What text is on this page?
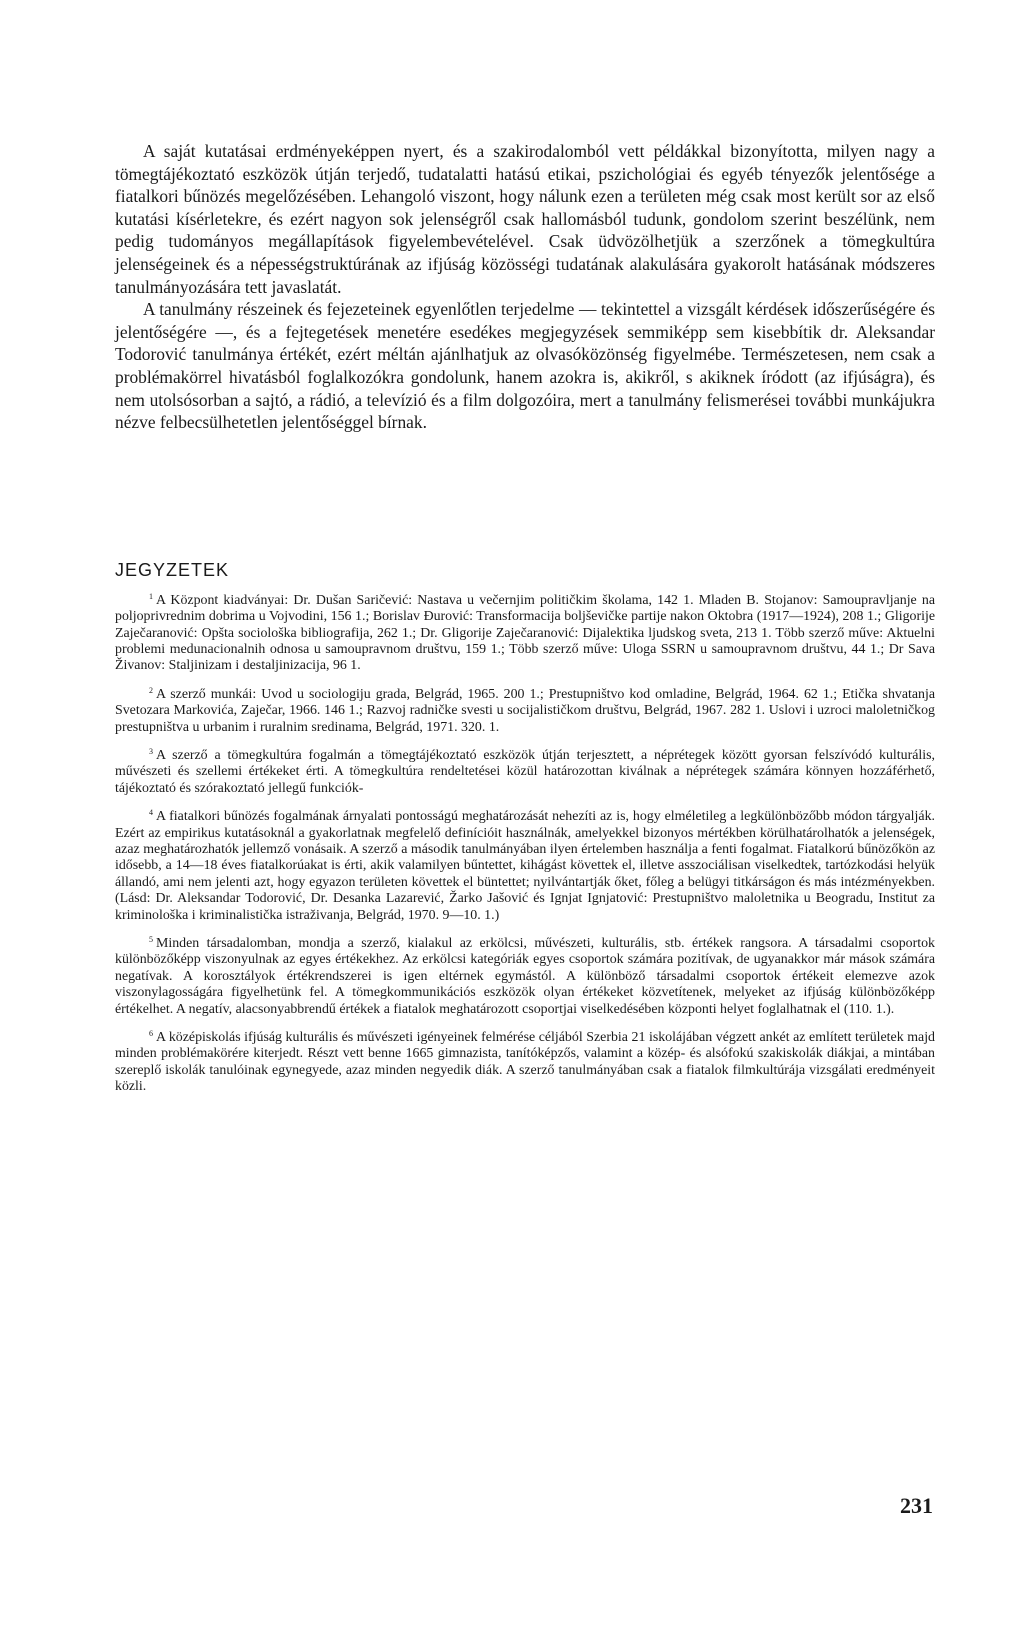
A saját kutatásai erdményeképpen nyert, és a szakirodalomból vett példákkal bizonyította, milyen nagy a tömegtájékoztató eszközök útján terjedő, tudatalatti hatású etikai, pszichológiai és egyéb tényezők jelentősége a fiatalkori bűnözés megelőzésében. Lehangoló viszont, hogy nálunk ezen a területen még csak most került sor az első kutatási kísérletekre, és ezért nagyon sok jelenségről csak hallomásból tudunk, gondolom szerint beszélünk, nem pedig tudományos megállapítások figyelembevételével. Csak üdvözölhetjük a szerzőnek a tömegkultúra jelenségeinek és a népességstruktúrának az ifjúság közösségi tudatának alakulására gyakorolt hatásának módszeres tanulmányozására tett javaslatát.

A tanulmány részeinek és fejezeteinek egyenlőtlen terjedelme — tekintettel a vizsgált kérdések időszerűségére és jelentőségére —, és a fejtegetések menetére esedékes megjegyzések semmiképp sem kisebbítik dr. Aleksandar Todorović tanulmánya értékét, ezért méltán ajánlhatjuk az olvasóközönség figyelmébe. Természetesen, nem csak a problémakörrel hivatásból foglalkozókra gondolunk, hanem azokra is, akikről, s akiknek íródott (az ifjúságra), és nem utolsósorban a sajtó, a rádió, a televízió és a film dolgozóira, mert a tanulmány felismerései további munkájukra nézve felbecsülhetetlen jelentőséggel bírnak.

JEGYZETEK

$^1$ A Központ kiadványai: Dr. Dušan Saričević: Nastava u večernjim političkim školama, 142 1. Mladen B. Stojanov: Samoupravljanje na poljoprivrednim dobrima u Vojvodini, 156 1.; Borislav Đurović: Transformacija boljševičke partije nakon Oktobra (1917—1924), 208 1.; Gligorije Zaječaranović: Opšta sociološka bibliografija, 262 1.; Dr. Gligorije Zaječaranović: Dijalektika ljudskog sveta, 213 1. Több szerző műve: Aktuelni problemi medunacionalnih odnosa u samoupravnom društvu, 159 1.; Több szerző műve: Uloga SSRN u samoupravnom društvu, 44 1.; Dr Sava Živanov: Staljinizam i destaljinizacija, 96 1.

$^2$ A szerző munkái: Uvod u sociologiju grada, Belgrád, 1965. 200 1.; Prestupništvo kod omladine, Belgrád, 1964. 62 1.; Etička shvatanja Svetozara Markovića, Zaječar, 1966. 146 1.; Razvoj radničke svesti u socijalističkom društvu, Belgrád, 1967. 282 1. Uslovi i uzroci maloletničkog prestupništva u urbanim i ruralnim sredinama, Belgrád, 1971. 320. 1.

$^3$ A szerző a tömegkultúra fogalmán a tömegtájékoztató eszközök útján terjesztett, a néprétegek között gyorsan felszívódó kulturális, művészeti és szellemi értékeket érti. A tömegkultúra rendeltetései közül határozottan kiválnak a néprétegek számára könnyen hozzáférhető, tájékoztató és szórakoztató jellegű funkciók-

$^4$ A fiatalkori bűnözés fogalmának árnyalati pontosságú meghatározását nehezíti az is, hogy elméletileg a legkülönbözőbb módon tárgyalják. Ezért az empirikus kutatásoknál a gyakorlatnak megfelelő definícióit használnák, amelyekkel bizonyos mértékben körülhatárolhatók a jelenségek, azaz meghatározhatók jellemző vonásaik. A szerző a második tanulmányában ilyen értelemben használja a fenti fogalmat. Fiatalkorú bűnözőkön az idősebb, a 14—18 éves fiatalkorúakat is érti, akik valamilyen bűntettet, kihágást követtek el, illetve asszociálisan viselkedtek, tartózkodási helyük állandó, ami nem jelenti azt, hogy egyazon területen követtek el büntettet; nyilvántartják őket, főleg a belügyi titkárságon és más intézményekben. (Lásd: Dr. Aleksandar Todorović, Dr. Desanka Lazarević, Žarko Jašović és Ignjat Ignjatović: Prestupništvo maloletnika u Beogradu, Institut za kriminološka i kriminalistička istraživanja, Belgrád, 1970. 9—10. 1.)

$^5$ Minden társadalomban, mondja a szerző, kialakul az erkölcsi, művészeti, kulturális, stb. értékek rangsora. A társadalmi csoportok különbözőképp viszonyulnak az egyes értékekhez. Az erkölcsi kategóriák egyes csoportok számára pozitívak, de ugyanakkor már mások számára negatívak. A korosztályok értékrendszerei is igen eltérnek egymástól. A különböző társadalmi csoportok értékeit elemezve azok viszonylagosságára figyelhetünk fel. A tömegkommunikációs eszközök olyan értékeket közvetítenek, melyeket az ifjúság különbözőképp értékelhet. A negatív, alacsonyabbrendű értékek a fiatalok meghatározott csoportjai viselkedésében központi helyet foglalhatnak el (110. 1.).

$^6$ A középiskolás ifjúság kulturális és művészeti igényeinek felmérése céljából Szerbia 21 iskolájában végzett ankét az említett területek majd minden problémakörére kiterjedt. Részt vett benne 1665 gimnazista, tanítóképzős, valamint a közép- és alsófokú szakiskolák diákjai, a mintában szereplő iskolák tanulóinak egynegyede, azaz minden negyedik diák. A szerző tanulmányában csak a fiatalok filmkultúrája vizsgálati eredményeit közli.

231
